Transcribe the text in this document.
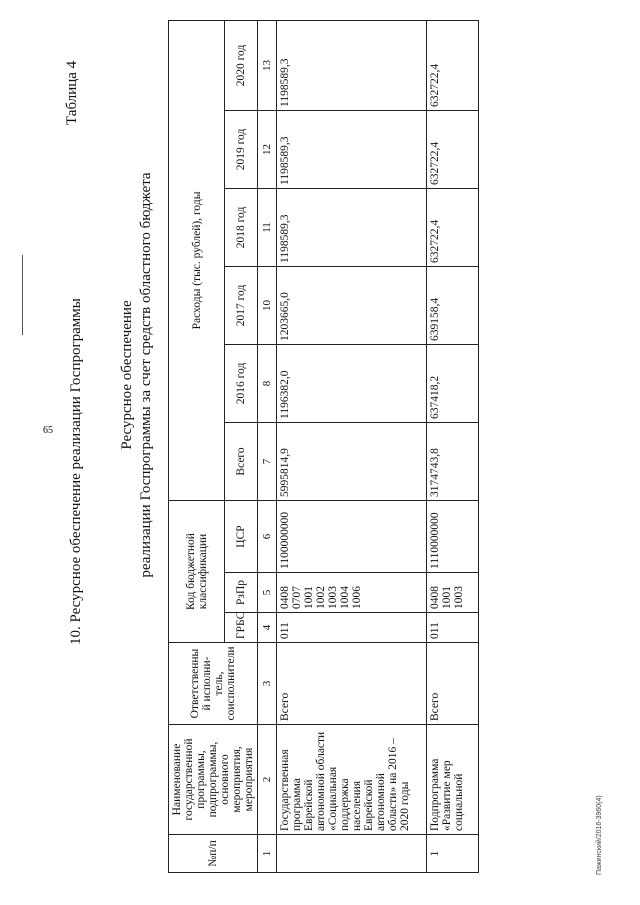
65
Пажинский/2016-3960(4)
10. Ресурсное обеспечение реализации Госпрограммы
Таблица 4
Ресурсное обеспечение реализации Госпрограммы за счет средств областного бюджета
№п/п	Наименование государственной программы, подпрограммы, основного мероприятия, мероприятия	Ответственны й исполни-тель, соисполнители	Код бюджетной классификации			Расходы (тыс. рублей), годы					
			ГРБС	РзПр	ЦСР	Всего	2016 год	2017 год	2018 год	2019 год	2020 год
1	2	3	4	5	6	7	8	10	11	12	13
	Государственная программа Еврейской автономной области «Социальная поддержка населения Еврейской автономной области» на 2016 – 2020 годы	Всего	011	0408 0707 1001 1002 1003 1004 1006	1100000000	5995814,9	1196382,0	1203665,0	1198589,3	1198589,3	1198589,3
1	Подпрограмма «Развитие мер социальной	Всего	011	0408 1001 1003	1110000000	3174743,8	637418,2	639158,4	632722,4	632722,4	632722,4
